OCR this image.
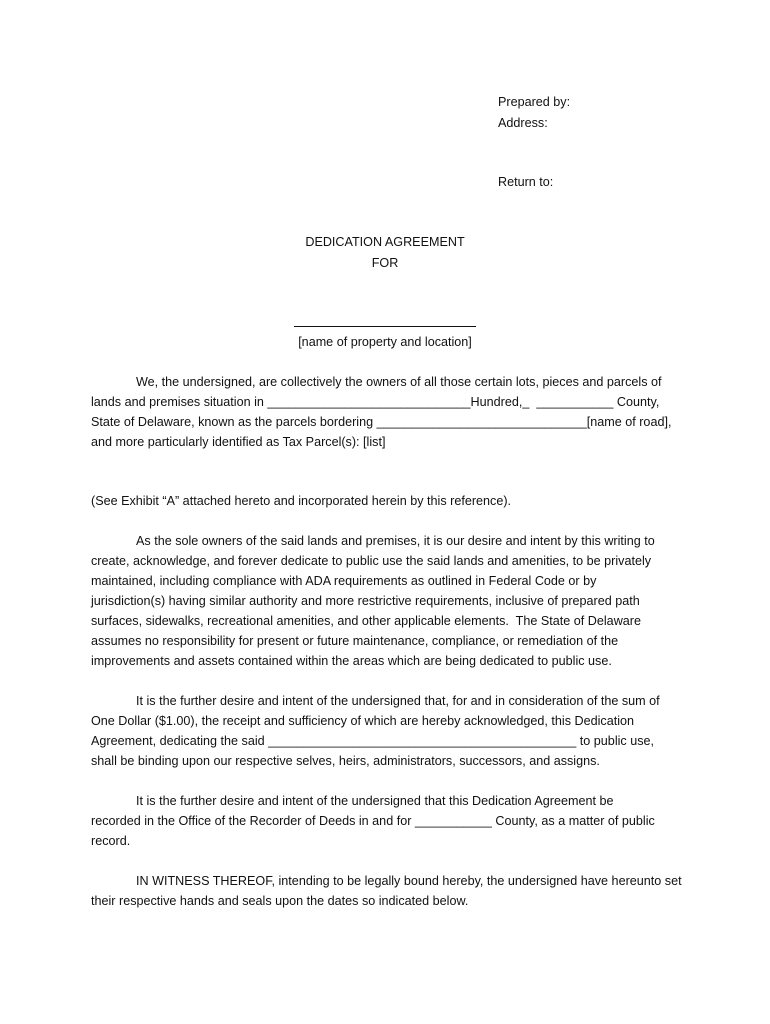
Prepared by:
Address:
Return to:
DEDICATION AGREEMENT
FOR
[name of property and location]
We, the undersigned, are collectively the owners of all those certain lots, pieces and parcels of
lands and premises situation in _____________________________Hundred,_  ___________ County,
State of Delaware, known as the parcels bordering ______________________________[name of road],
and more particularly identified as Tax Parcel(s): [list]
(See Exhibit “A” attached hereto and incorporated herein by this reference).
As the sole owners of the said lands and premises, it is our desire and intent by this writing to
create, acknowledge, and forever dedicate to public use the said lands and amenities, to be privately
maintained, including compliance with ADA requirements as outlined in Federal Code or by
jurisdiction(s) having similar authority and more restrictive requirements, inclusive of prepared path
surfaces, sidewalks, recreational amenities, and other applicable elements.  The State of Delaware
assumes no responsibility for present or future maintenance, compliance, or remediation of the
improvements and assets contained within the areas which are being dedicated to public use.
It is the further desire and intent of the undersigned that, for and in consideration of the sum of
One Dollar ($1.00), the receipt and sufficiency of which are hereby acknowledged, this Dedication
Agreement, dedicating the said ____________________________________________ to public use,
shall be binding upon our respective selves, heirs, administrators, successors, and assigns.
It is the further desire and intent of the undersigned that this Dedication Agreement be
recorded in the Office of the Recorder of Deeds in and for ___________ County, as a matter of public
record.
IN WITNESS THEREOF, intending to be legally bound hereby, the undersigned have hereunto set
their respective hands and seals upon the dates so indicated below.
